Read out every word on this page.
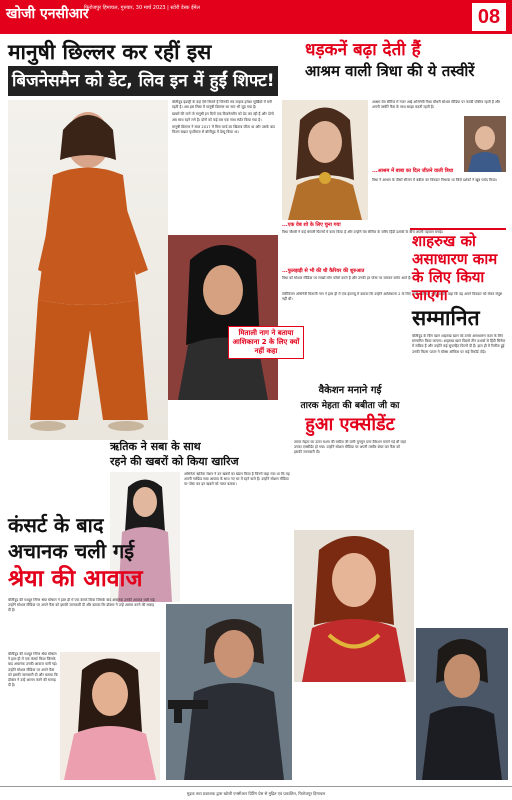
खोजी एनसीआर
फिरोजपुर हिमाचल, गुरुवार, 30 मार्च 2023 | स्टोरी डेस्क ईमेल	08
मानुषी छिल्लर कर रहीं इस
बिजनेसमैन को डेट, लिव इन में हुईं शिफ्ट!

बॉलीवुड इंडस्ट्री के कई ऐसे सितारे हैं जिनकी लव लाइफ हमेशा सुर्खियों में बनी रहती है। अब इस लिस्ट में मानुषी छिल्लर का नाम भी जुड़ गया है।

खबरों की मानें तो मानुषी इन दिनों एक बिजनेसमैन को डेट कर रही हैं और दोनों अब साथ रहने लगे हैं। दोनों को कई बार एक साथ स्पॉट किया गया है।

मानुषी छिल्लर ने साल 2017 में मिस वर्ल्ड का खिताब जीता था और उसके बाद फिल्म सम्राट पृथ्वीराज से बॉलीवुड में डेब्यू किया था।

धड़कनें बढ़ा देती हैं
आश्रम वाली त्रिधा की ये तस्वीरें

आश्रम वेब सीरीज में नजर आईं अभिनेत्री त्रिधा चौधरी सोशल मीडिया पर काफी एक्टिव रहती हैं और अपनी तस्वीरें फैंस के साथ साझा करती रहती हैं।

...आश्रम में बाबा का दिल जीतने वाली त्रिधा

त्रिधा ने आश्रम के तीसरे सीजन में बबीता का किरदार निभाया था जिसे दर्शकों ने खूब पसंद किया।

...एक वेब शो के लिए चुना गया

त्रिधा चौधरी ने कई बंगाली फिल्मों में काम किया है और उन्होंने वेब सीरीज के जरिए हिंदी दर्शकों के बीच अपनी पहचान बनाई।

...फुलझड़ी से भी की थी कैरियर की शुरुआत

त्रिधा को सोशल मीडिया पर लाखों लोग फॉलो करते हैं और उनकी हर पोस्ट पर जमकर कमेंट आते हैं।

मिताली नाग ने बताया आशिकाना 2 के लिए क्यों नहीं कहा

टेलीविजन अभिनेत्री मिताली नाग ने हाल ही में एक इंटरव्यू में बताया कि उन्होंने आशिकाना 2 के लिए हामी क्यों नहीं भरी। उन्होंने कहा कि वह अपने किरदार को लेकर संतुष्ट नहीं थीं।

शाहरुख को असाधारण काम के लिए किया जाएगा
सम्मानित

बॉलीवुड के किंग खान शाहरुख खान को उनके असाधारण काम के लिए सम्मानित किया जाएगा। शाहरुख खान पिछले तीन दशकों से हिंदी सिनेमा में सक्रिय हैं और उन्होंने कई सुपरहिट फिल्में दी हैं। हाल ही में रिलीज हुई उनकी फिल्म पठान ने बॉक्स ऑफिस पर कई रिकॉर्ड तोड़े।

वैकेशन मनाने गई
तारक मेहता की बबीता जी का
हुआ एक्सीडेंट

तारक मेहता का उल्टा चश्मा की बबीता जी यानी मुनमुन दत्ता वैकेशन मनाने गई थीं जहां उनका एक्सीडेंट हो गया। उन्होंने सोशल मीडिया पर अपनी तस्वीर शेयर कर फैंस को इसकी जानकारी दी।

ऋतिक ने सबा के साथ
रहने की खबरों को किया खारिज

अभिनेता ऋतिक रोशन ने उन खबरों का खंडन किया है जिनमें कहा गया था कि वह अपनी गर्लफ्रेंड सबा आजाद के साथ नए घर में रहने वाले हैं। उन्होंने सोशल मीडिया पर पोस्ट कर इन खबरों को गलत बताया।

कंसर्ट के बाद
अचानक चली गई
श्रेया की आवाज

बॉलीवुड की मशहूर सिंगर श्रेया घोषाल ने हाल ही में एक कंसर्ट किया जिसके बाद अचानक उनकी आवाज चली गई। उन्होंने सोशल मीडिया पर अपने फैंस को इसकी जानकारी दी और बताया कि डॉक्टर ने उन्हें आराम करने की सलाह दी है।

बॉलीवुड की मशहूर सिंगर श्रेया घोषाल ने हाल ही में एक कंसर्ट किया जिसके बाद अचानक उनकी आवाज चली गई। उन्होंने सोशल मीडिया पर अपने फैंस को इसकी जानकारी दी और बताया कि डॉक्टर ने उन्हें आराम करने की सलाह दी है।

मुद्रक तथा प्रकाशक द्वारा खोजी एनसीआर प्रिंटिंग प्रेस से मुद्रित एवं प्रकाशित, फिरोजपुर हिमाचल
